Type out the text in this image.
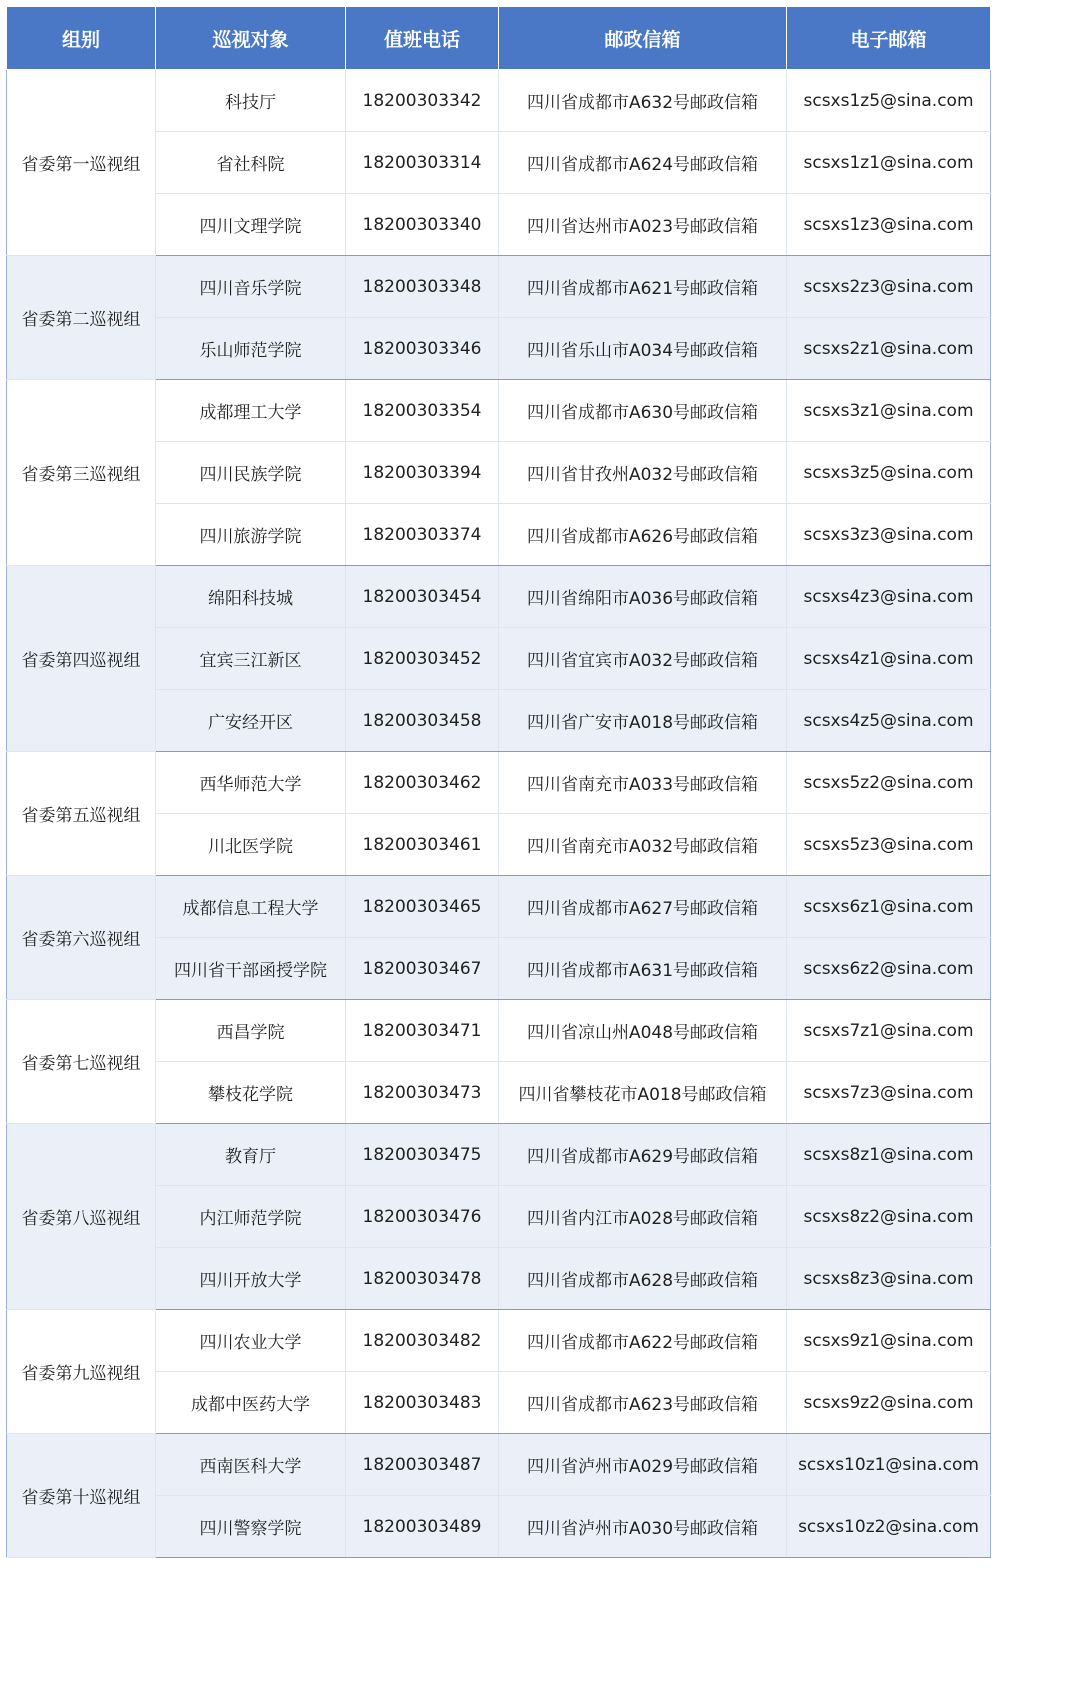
组别	巡视对象	值班电话	邮政信箱	电子邮箱
省委第一巡视组	科技厅	18200303342	四川省成都市A632号邮政信箱	scsxs1z5@sina.com
	省社科院	18200303314	四川省成都市A624号邮政信箱	scsxs1z1@sina.com
	四川文理学院	18200303340	四川省达州市A023号邮政信箱	scsxs1z3@sina.com
省委第二巡视组	四川音乐学院	18200303348	四川省成都市A621号邮政信箱	scsxs2z3@sina.com
	乐山师范学院	18200303346	四川省乐山市A034号邮政信箱	scsxs2z1@sina.com
省委第三巡视组	成都理工大学	18200303354	四川省成都市A630号邮政信箱	scsxs3z1@sina.com
	四川民族学院	18200303394	四川省甘孜州A032号邮政信箱	scsxs3z5@sina.com
	四川旅游学院	18200303374	四川省成都市A626号邮政信箱	scsxs3z3@sina.com
省委第四巡视组	绵阳科技城	18200303454	四川省绵阳市A036号邮政信箱	scsxs4z3@sina.com
	宜宾三江新区	18200303452	四川省宜宾市A032号邮政信箱	scsxs4z1@sina.com
	广安经开区	18200303458	四川省广安市A018号邮政信箱	scsxs4z5@sina.com
省委第五巡视组	西华师范大学	18200303462	四川省南充市A033号邮政信箱	scsxs5z2@sina.com
	川北医学院	18200303461	四川省南充市A032号邮政信箱	scsxs5z3@sina.com
省委第六巡视组	成都信息工程大学	18200303465	四川省成都市A627号邮政信箱	scsxs6z1@sina.com
	四川省干部函授学院	18200303467	四川省成都市A631号邮政信箱	scsxs6z2@sina.com
省委第七巡视组	西昌学院	18200303471	四川省凉山州A048号邮政信箱	scsxs7z1@sina.com
	攀枝花学院	18200303473	四川省攀枝花市A018号邮政信箱	scsxs7z3@sina.com
省委第八巡视组	教育厅	18200303475	四川省成都市A629号邮政信箱	scsxs8z1@sina.com
	内江师范学院	18200303476	四川省内江市A028号邮政信箱	scsxs8z2@sina.com
	四川开放大学	18200303478	四川省成都市A628号邮政信箱	scsxs8z3@sina.com
省委第九巡视组	四川农业大学	18200303482	四川省成都市A622号邮政信箱	scsxs9z1@sina.com
	成都中医药大学	18200303483	四川省成都市A623号邮政信箱	scsxs9z2@sina.com
省委第十巡视组	西南医科大学	18200303487	四川省泸州市A029号邮政信箱	scsxs10z1@sina.com
	四川警察学院	18200303489	四川省泸州市A030号邮政信箱	scsxs10z2@sina.com
